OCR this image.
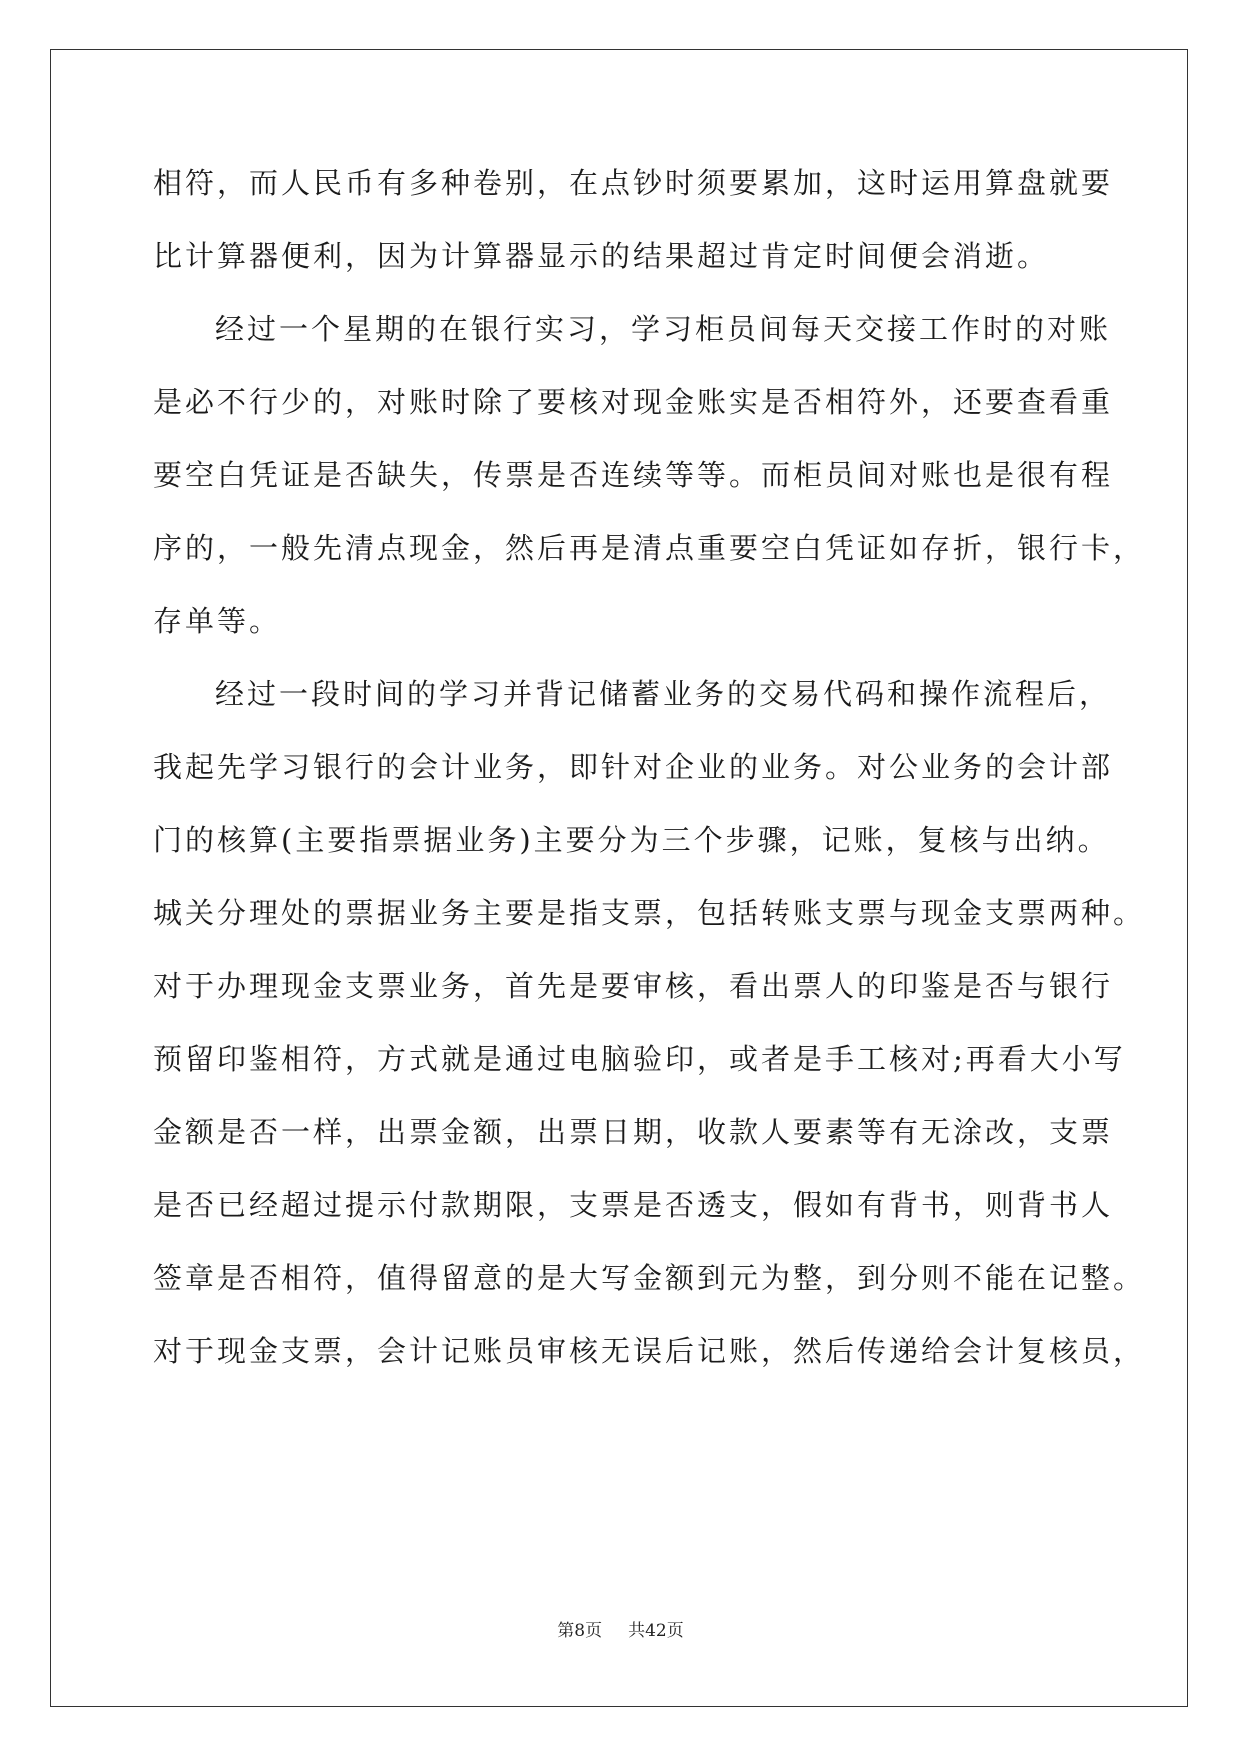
相符，而人民币有多种卷别，在点钞时须要累加，这时运用算盘就要
比计算器便利，因为计算器显示的结果超过肯定时间便会消逝。
经过一个星期的在银行实习，学习柜员间每天交接工作时的对账
是必不行少的，对账时除了要核对现金账实是否相符外，还要查看重
要空白凭证是否缺失，传票是否连续等等。而柜员间对账也是很有程
序的，一般先清点现金，然后再是清点重要空白凭证如存折，银行卡，
存单等。
经过一段时间的学习并背记储蓄业务的交易代码和操作流程后，
我起先学习银行的会计业务，即针对企业的业务。对公业务的会计部
门的核算(主要指票据业务)主要分为三个步骤，记账，复核与出纳。
城关分理处的票据业务主要是指支票，包括转账支票与现金支票两种。
对于办理现金支票业务，首先是要审核，看出票人的印鉴是否与银行
预留印鉴相符，方式就是通过电脑验印，或者是手工核对;再看大小写
金额是否一样，出票金额，出票日期，收款人要素等有无涂改，支票
是否已经超过提示付款期限，支票是否透支，假如有背书，则背书人
签章是否相符，值得留意的是大写金额到元为整，到分则不能在记整。
对于现金支票，会计记账员审核无误后记账，然后传递给会计复核员，
第8页 共42页
